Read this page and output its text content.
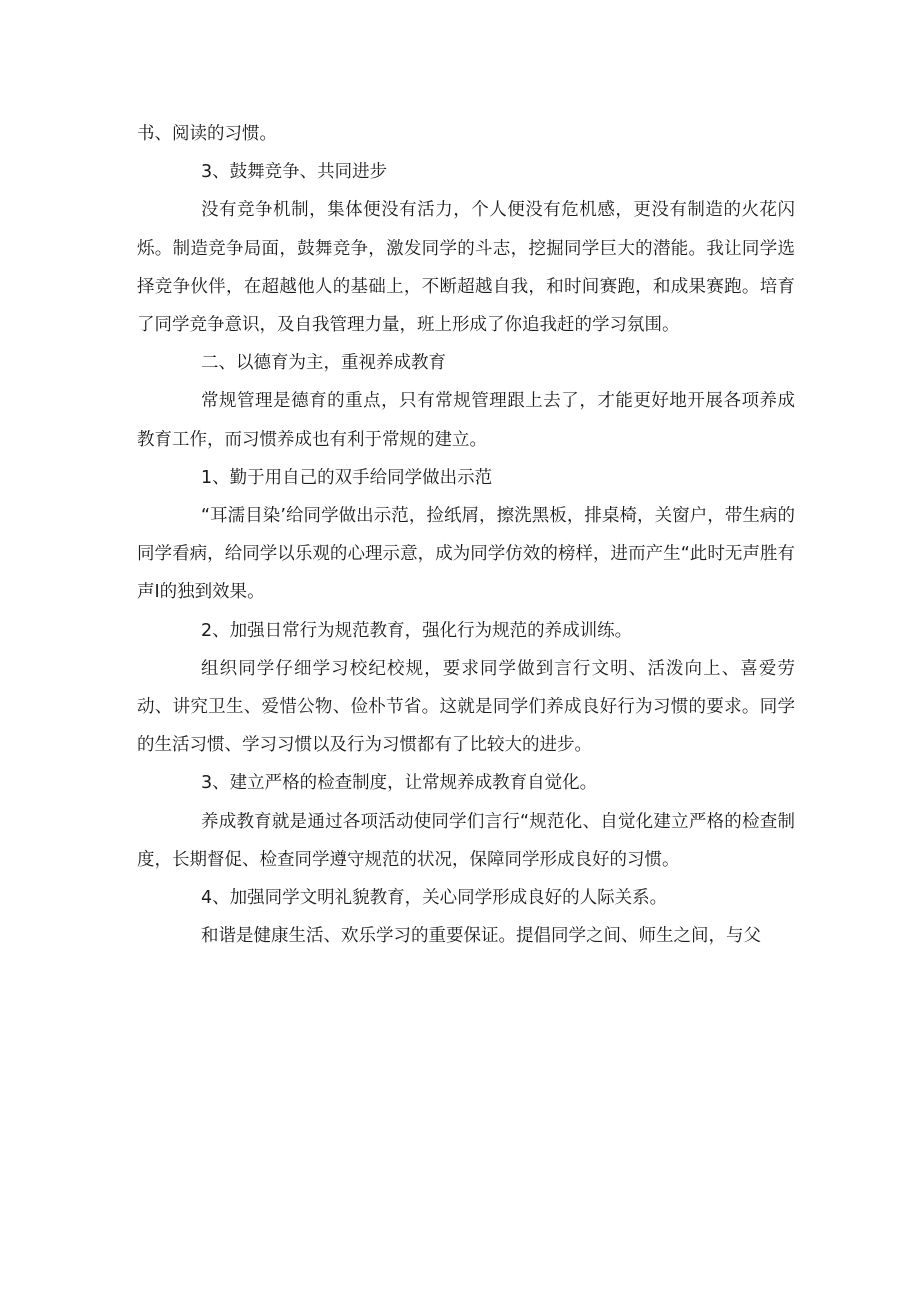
书、阅读的习惯。

3、鼓舞竞争、共同进步

没有竞争机制，集体便没有活力，个人便没有危机感，更没有制造的火花闪烁。制造竞争局面，鼓舞竞争，激发同学的斗志，挖掘同学巨大的潜能。我让同学选择竞争伙伴，在超越他人的基础上，不断超越自我，和时间赛跑，和成果赛跑。培育了同学竞争意识，及自我管理力量，班上形成了你追我赶的学习氛围。

二、以德育为主，重视养成教育

常规管理是德育的重点，只有常规管理跟上去了，才能更好地开展各项养成教育工作，而习惯养成也有利于常规的建立。

1、勤于用自己的双手给同学做出示范

“耳濡目染’给同学做出示范，捡纸屑，擦洗黑板，排桌椅，关窗户，带生病的同学看病，给同学以乐观的心理示意，成为同学仿效的榜样，进而产生“此时无声胜有声I的独到效果。

2、加强日常行为规范教育，强化行为规范的养成训练。

组织同学仔细学习校纪校规，要求同学做到言行文明、活泼向上、喜爱劳动、讲究卫生、爱惜公物、俭朴节省。这就是同学们养成良好行为习惯的要求。同学的生活习惯、学习习惯以及行为习惯都有了比较大的进步。

3、建立严格的检查制度，让常规养成教育自觉化。

养成教育就是通过各项活动使同学们言行“规范化、自觉化建立严格的检查制度，长期督促、检查同学遵守规范的状况，保障同学形成良好的习惯。

4、加强同学文明礼貌教育，关心同学形成良好的人际关系。

和谐是健康生活、欢乐学习的重要保证。提倡同学之间、师生之间，与父
